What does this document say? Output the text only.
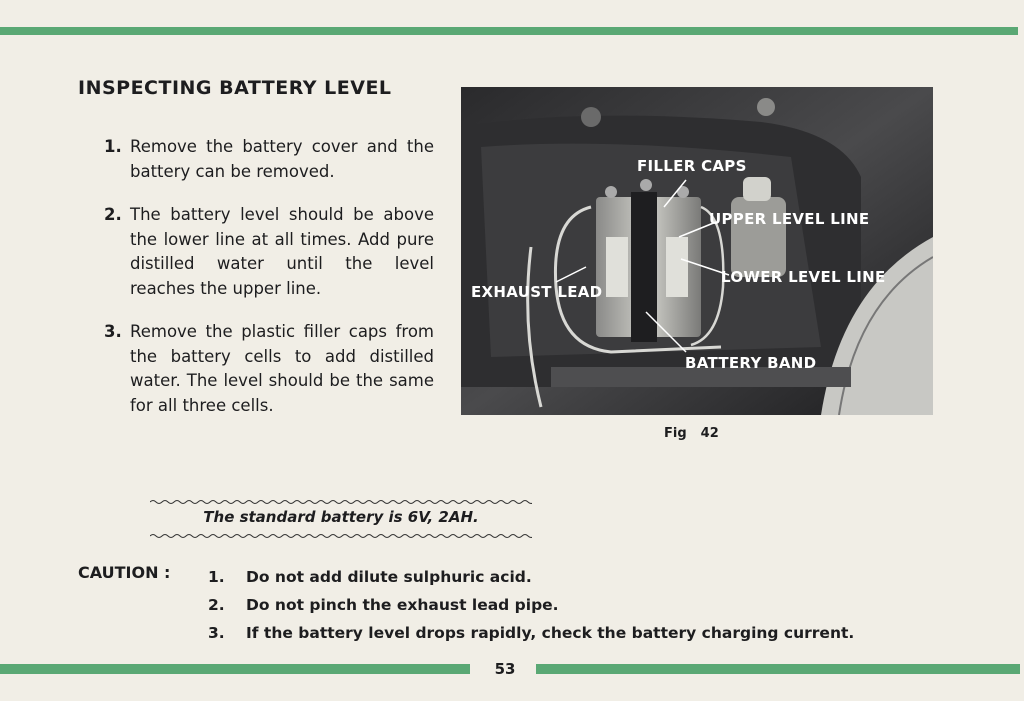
INSPECTING BATTERY LEVEL
1. Remove the battery cover and the battery can be removed.
2. The battery level should be above the lower line at all times. Add pure distilled water until the level reaches the upper line.
3. Remove the plastic filler caps from the battery cells to add distilled water. The level should be the same for all three cells.
The standard battery is 6V, 2AH.
CAUTION : 1.	Do not add dilute sulphuric acid.
2.	Do not pinch the exhaust lead pipe.
3.	If the battery level drops rapidly, check the battery charging current.
FILLER CAPS
UPPER LEVEL LINE
LOWER LEVEL LINE
EXHAUST LEAD
BATTERY BAND
Fig 42
53
